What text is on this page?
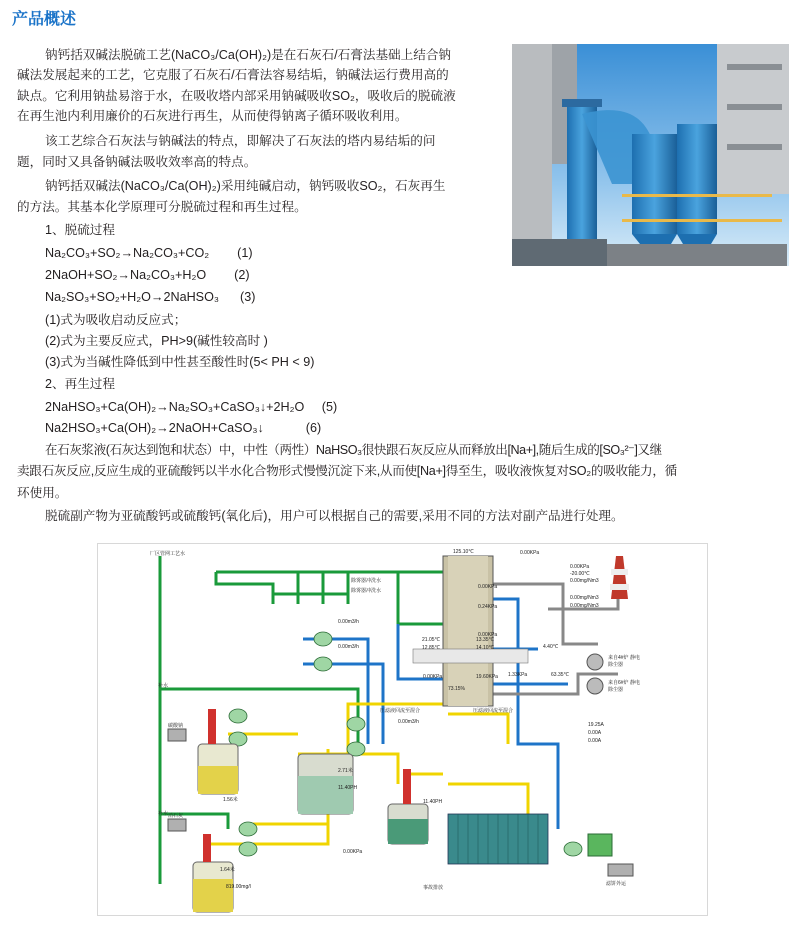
产品概述

钠钙括双碱法脱硫工艺(NaCO₃/Ca(OH)₂)是在石灰石/石膏法基础上结合钠

碱法发展起来的工艺，它克服了石灰石/石膏法容易结垢，钠碱法运行费用高的

缺点。它利用钠盐易溶于水，在吸收塔内部采用钠碱吸收SO₂，吸收后的脱硫液

在再生池内利用廉价的石灰进行再生，从而使得钠离子循环吸收利用。

该工艺综合石灰法与钠碱法的特点，即解决了石灰法的塔内易结垢的问

题，同时又具备钠碱法吸收效率高的特点。

钠钙括双碱法(NaCO₃/Ca(OH)₂)采用纯碱启动，钠钙吸收SO₂，石灰再生

的方法。其基本化学原理可分脱硫过程和再生过程。

1、脱硫过程

Na₂CO₃+SO₂→Na₂CO₃+CO₂        (1)

2NaOH+SO₂→Na₂CO₃+H₂O        (2)

Na₂SO₃+SO₂+H₂O→2NaHSO₃      (3)

(1)式为吸收启动反应式；

(2)式为主要反应式，PH>9(碱性较高时 )

(3)式为当碱性降低到中性甚至酸性时(5< PH < 9)

2、再生过程

2NaHSO₃+Ca(OH)₂→Na₂SO₃+CaSO₃↓+2H₂O     (5)

Na2HSO₃+Ca(OH)₂→2NaOH+CaSO₃↓            (6)

在石灰浆液(石灰达到饱和状态）中，中性（两性）NaHSO₃很快跟石灰反应从而释放出[Na+],随后生成的[SO₃²⁻]又继

卖跟石灰反应,反应生成的亚硫酸钙以半水化合物形式慢慢沉淀下来,从而使[Na+]得至生，吸收液恢复对SO₂的吸收能力，循

环使用。

脱硫副产物为亚硫酸钙或硫酸钙(氧化后)，用户可以根据自己的需要,采用不同的方法对副产品进行处理。

厂区管网工艺水
除雾器冲洗水
除雾器冲洗水
125.10℃	0.00KPa
0.00KPa
0.24KPa
0.00KPa
0.00m3/h
0.00m3/h
21.05℃	13.35℃
12.85℃	14.10℃
0.00KPa	19.60KPa
73.15%
1.33KPa
4.40℃
63.35℃
0.00KPa
-20.00℃
0.00mg/Nm3
0.00mg/Nm3
0.00mg/Nm3
来自4#炉 静电除尘器
来自6#炉 静电除尘器
补水
补水
碳酸钠
消石灰
1.56米
2.71米
11.40PH
11.40PH
压滤液回流至混合	压滤液回流至混合
0.00m3/h	19.25A
0.00A
0.00A
0.00KPa
1.64米
819.00mg/l	事故排放
滤饼外运
